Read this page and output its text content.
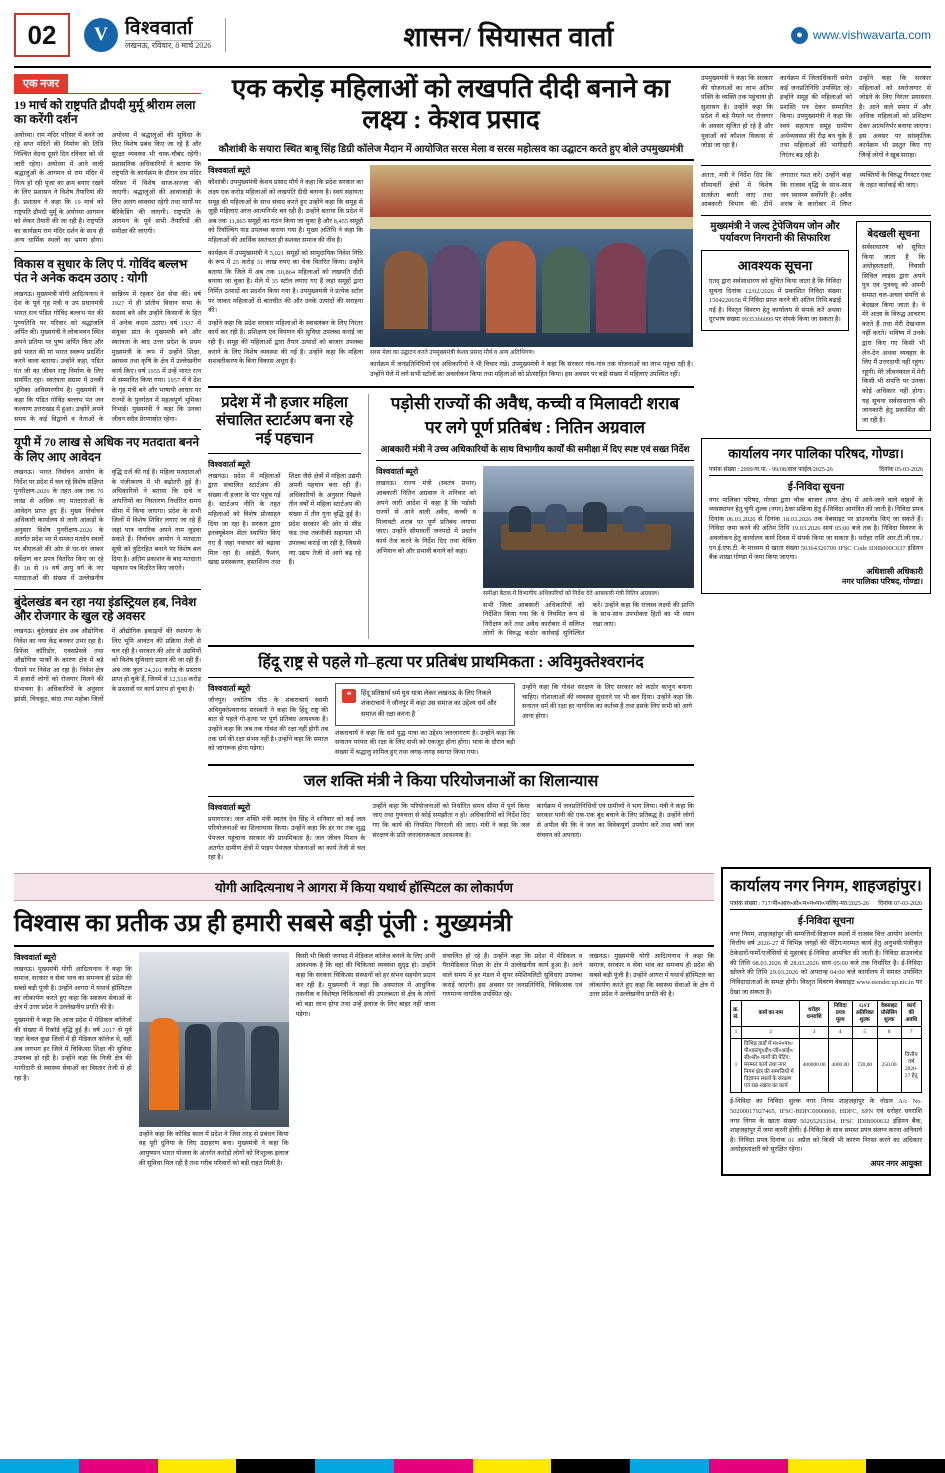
02	V विश्ववार्ता
लखनऊ, रविवार, 8 मार्च 2026	शासन/ सियासत वार्ता	● www.vishwavarta.com
एक नजर
19 मार्च को राष्ट्रपति द्रौपदी मुर्मू श्रीराम लला का करेंगी दर्शन
अयोध्या। राम मंदिर परिसर में बनने जा रहे सप्त मंदिरों की निर्माण की तिथि निश्चित वेदना दूसरे दिन रविवार को भी जारी रहेगा। अयोध्या में आने वाली श्रद्धालुओं के आगमन से राम मंदिर में नित्य हो रही पूजा का क्रम बनाए रखने के लिए प्रशासन ने विशेष तैयारियां की हैं। प्रशासन ने कहा कि 19 मार्च को राष्ट्रपति द्रौपदी मुर्मू के अयोध्या आगमन को लेकर तैयारी की जा रही है। राष्ट्रपति का कार्यक्रम राम मंदिर दर्शन के साथ ही अन्य धार्मिक स्थलों का भ्रमण होगा। अयोध्या में श्रद्धालुओं की सुविधा के लिए विशेष प्रबंध किए जा रहे हैं और सुरक्षा व्यवस्था भी चाक-चौबंद रहेगी। प्रशासनिक अधिकारियों ने बताया कि राष्ट्रपति के कार्यक्रम के दौरान राम मंदिर परिसर में विशेष साज-सज्जा की जाएगी। श्रद्धालुओं की आवाजाही के लिए अलग व्यवस्था रहेगी तथा मार्गों पर बैरिकेडिंग की जाएगी। राष्ट्रपति के आगमन के पूर्व सभी तैयारियों की समीक्षा की जाएगी।
विकास व सुधार के लिए पं. गोविंद बल्लभ पंत ने अनेक कदम उठाए : योगी
लखनऊ। मुख्यमंत्री योगी आदित्यनाथ ने देश के पूर्व गृह मंत्री व उप प्रधानमंत्री भारत रत्न पंडित गोविंद बल्लभ पंत की पुण्यतिथि पर परिवार को श्रद्धांजलि अर्पित की। मुख्यमंत्री ने लोकभवन स्थित अपने प्रतिमा पर पुष्प अर्पित किए और इसे भारत की मां भारत स्वरूप प्रदर्शित करने वाला बताया। उन्होंने कहा, पंडित पंत जी का जीवन राष्ट्र निर्माण के लिए समर्पित रहा। स्वतंत्रता संग्राम में उनकी भूमिका अविस्मरणीय है। मुख्यमंत्री ने कहा कि पंडित गोविंद बल्लभ पंत जन कल्याण उत्तराखंड में हुआ। उन्होंने अपने समय के कई विद्वानों व नेताओं के सान्निध्य में रहकर देश सेवा की। वर्ष 1927 में ही प्रांतीय विधान सभा के सदस्य बने और उन्होंने किसानों के हित में अनेक कदम उठाए। वर्ष 1937 में संयुक्त प्रांत के मुख्यमंत्री बने और स्वतंत्रता के बाद उत्तर प्रदेश के प्रथम मुख्यमंत्री के रूप में उन्होंने शिक्षा, स्वास्थ्य तथा कृषि के क्षेत्र में उल्लेखनीय कार्य किए। वर्ष 1955 में उन्हें भारत रत्न से सम्मानित किया गया। 1957 में वे देश के गृह मंत्री बने और भाषायी आधार पर राज्यों के पुनर्गठन में महत्वपूर्ण भूमिका निभाई। मुख्यमंत्री ने कहा कि उनका जीवन सदैव प्रेरणास्रोत रहेगा।
यूपी में 70 लाख से अधिक नए मतदाता बनने के लिए आए आवेदन
लखनऊ। भारत निर्वाचन आयोग के निर्देश पर प्रदेश में चल रहे विशेष संक्षिप्त पुनरीक्षण-2026 के तहत अब तक 70 लाख से अधिक नए मतदाताओं के आवेदन प्राप्त हुए हैं। मुख्य निर्वाचन अधिकारी कार्यालय से जारी आंकड़ों के अनुसार विशेष पुनरीक्षण-2026 के अंतर्गत प्रदेश भर में समस्त मतदेय स्थलों पर बीएलओ की ओर से घर-घर जाकर सर्वेक्षण कर प्रपत्र वितरित किए जा रहे हैं। 18 से 19 वर्ष आयु वर्ग के नए मतदाताओं की संख्या में उल्लेखनीय वृद्धि दर्ज की गई है। महिला मतदाताओं के पंजीकरण में भी बढ़ोतरी हुई है। अधिकारियों ने बताया कि दावे व आपत्तियों का निस्तारण निर्धारित समय सीमा में किया जाएगा। प्रदेश के सभी जिलों में विशेष शिविर लगाए जा रहे हैं जहां पात्र नागरिक अपने नाम जुड़वा सकते हैं। निर्वाचन आयोग ने मतदाता सूची को त्रुटिरहित बनाने पर विशेष बल दिया है। अंतिम प्रकाशन के बाद मतदाता पहचान पत्र वितरित किए जाएंगे।
बुंदेलखंड बन रहा नया इंडस्ट्रियल हब, निवेश और रोजगार के खुल रहे अवसर
लखनऊ। बुंदेलखंड क्षेत्र अब औद्योगिक निवेश का नया केंद्र बनकर उभर रहा है। डिफेंस कॉरिडोर, एक्सप्रेसवे तथा औद्योगिक पार्कों के कारण क्षेत्र में बड़े पैमाने पर निवेश आ रहा है। निवेश क्षेत्र में हजारों लोगों को रोजगार मिलने की संभावना है। अधिकारियों के अनुसार झांसी, चित्रकूट, बांदा तथा महोबा जिलों में औद्योगिक इकाइयों की स्थापना के लिए भूमि आवंटन की प्रक्रिया तेजी से चल रही है। सरकार की ओर से उद्यमियों को विशेष सुविधाएं प्रदान की जा रही हैं। अब तक कुल 24,201 करोड़ के प्रस्ताव प्राप्त हो चुके हैं, जिनमें से 12,518 करोड़ के प्रस्तावों पर कार्य प्रारंभ हो चुका है।
एक करोड़ महिलाओं को लखपति दीदी बनाने का लक्ष्य : केशव प्रसाद
कौशांबी के सयारा स्थित बाबू सिंह डिग्री कॉलेज मैदान में आयोजित सरस मेला व सरस महोत्सव का उद्घाटन करते हुए बोले उपमुख्यमंत्री
विश्ववार्ता ब्यूरो
कौशांबी। उपमुख्यमंत्री केशव प्रसाद मौर्य ने कहा कि प्रदेश सरकार का लक्ष्य एक करोड़ महिलाओं को लखपति दीदी बनाना है। स्वयं सहायता समूह की महिलाओं के साथ संवाद करते हुए उन्होंने कहा कि समूह से जुड़ी महिलाएं आज आत्मनिर्भर बन रही हैं। उन्होंने बताया कि प्रदेश में अब तक 11,865 समूहों का गठन किया जा चुका है और 8,455 समूहों को रिवॉल्विंग फंड उपलब्ध कराया गया है। मुख्य अतिथि ने कहा कि महिलाओं की आर्थिक स्वतंत्रता ही सशक्त समाज की नींव है।
कार्यक्रम में उपमुख्यमंत्री ने 5,021 समूहों को सामुदायिक निवेश निधि के रूप में 25 करोड़ 31 लाख रुपए का चेक वितरित किया। उन्होंने बताया कि जिले में अब तक 10,864 महिलाओं को लखपति दीदी बनाया जा चुका है। मेले में 35 स्टॉल लगाए गए हैं जहां समूहों द्वारा निर्मित उत्पादों का प्रदर्शन किया गया है। उपमुख्यमंत्री ने प्रत्येक स्टॉल पर जाकर महिलाओं से बातचीत की और उनके उत्पादों की सराहना की।
उन्होंने कहा कि प्रदेश सरकार महिलाओं के स्वावलंबन के लिए निरंतर कार्य कर रही है। प्रशिक्षण एवं विपणन की सुविधा उपलब्ध कराई जा रही है। समूह की महिलाओं द्वारा तैयार उत्पादों को बाजार उपलब्ध कराने के लिए विशेष व्यवस्था की गई है। उन्होंने कहा कि महिला सशक्तीकरण के बिना विकास अधूरा है।
सरस मेला का उद्घाटन करते उपमुख्यमंत्री केशव प्रसाद मौर्य व अन्य अतिथिगण।
कार्यक्रम में जनप्रतिनिधियों एवं अधिकारियों ने भी विचार रखे। उपमुख्यमंत्री ने कहा कि सरकार गांव-गांव तक योजनाओं का लाभ पहुंचा रही है। उन्होंने मेले में लगे सभी स्टॉलों का अवलोकन किया तथा महिलाओं को प्रोत्साहित किया। इस अवसर पर बड़ी संख्या में महिलाएं उपस्थित रहीं।
प्रदेश में नौ हजार महिला संचालित स्टार्टअप बना रहे नई पहचान
विश्ववार्ता ब्यूरो
लखनऊ। प्रदेश में महिलाओं द्वारा संचालित स्टार्टअप की संख्या नौ हजार के पार पहुंच गई है। स्टार्टअप नीति के तहत महिलाओं को विशेष प्रोत्साहन दिया जा रहा है। सरकार द्वारा इनक्यूबेशन सेंटर स्थापित किए गए हैं जहां नवाचार को बढ़ावा मिल रहा है। आईटी, फैशन, खाद्य प्रसंस्करण, हस्तशिल्प तथा शिक्षा जैसे क्षेत्रों में महिला उद्यमी अपनी पहचान बना रही हैं। अधिकारियों के अनुसार पिछले तीन वर्षों में महिला स्टार्टअप की संख्या में तीन गुना वृद्धि हुई है। प्रदेश सरकार की ओर से सीड फंड तथा तकनीकी सहायता भी उपलब्ध कराई जा रही है, जिससे नए उद्यम तेजी से आगे बढ़ रहे हैं।
पड़ोसी राज्यों की अवैध, कच्ची व मिलावटी शराब
पर लगे पूर्ण प्रतिबंध : नितिन अग्रवाल
आबकारी मंत्री ने उच्च अधिकारियों के साथ विभागीय कार्यों की समीक्षा में दिए स्पष्ट एवं सख्त निर्देश
विश्ववार्ता ब्यूरो
लखनऊ। राज्य मंत्री (स्वतंत्र प्रभार) आबकारी नितिन अग्रवाल ने शनिवार को अपने जारी आदेश में कहा है कि पड़ोसी राज्यों से आने वाली अवैध, कच्ची व मिलावटी शराब पर पूर्ण प्रतिबंध लगाया जाए। उन्होंने सीमावर्ती जनपदों में प्रवर्तन कार्य तेज करने के निर्देश दिए तथा चेकिंग अभियान को और प्रभावी बनाने को कहा।
समीक्षा बैठक में विभागीय अधिकारियों को निर्देश देते आबकारी मंत्री नितिन अग्रवाल।
सभी जिला आबकारी अधिकारियों को निर्देशित किया गया कि वे नियमित रूप से निरीक्षण करें तथा अवैध कारोबार में संलिप्त लोगों के विरुद्ध कठोर कार्रवाई सुनिश्चित करें। उन्होंने कहा कि राजस्व लक्ष्यों की प्राप्ति के साथ-साथ उपभोक्ता हितों का भी ध्यान रखा जाए।
हिंदू राष्ट्र से पहले गो–हत्या पर प्रतिबंध प्राथमिकता : अविमुक्तेश्वरानंद
विश्ववार्ता ब्यूरो
जौनपुर। ज्योतिष पीठ के शंकराचार्य स्वामी अविमुक्तेश्वरानंद सरस्वती ने कहा कि हिंदू राष्ट्र की बात से पहले गो-हत्या पर पूर्ण प्रतिबंध आवश्यक है। उन्होंने कहा कि जब तक गोवंश की रक्षा नहीं होगी तब तक धर्म की रक्षा संभव नहीं है। उन्होंने कहा कि समाज को जागरूक होना पड़ेगा।
❝	हिंदू प्रतिष्ठार्थ धर्म युध यात्रा लेकर लखनऊ के लिए निकले शंकराचार्य ने जौनपुर में कहा उस समाज का उद्देश्य धर्म और समाज की रक्षा करना है
शंकराचार्य ने कहा कि धर्म युद्ध यात्रा का उद्देश्य जनजागरण है। उन्होंने कहा कि सनातन परंपरा की रक्षा के लिए सभी को एकजुट होना होगा। यात्रा के दौरान बड़ी संख्या में श्रद्धालु शामिल हुए तथा जगह-जगह स्वागत किया गया।
उन्होंने कहा कि गोवंश संरक्षण के लिए सरकार को कठोर कानून बनाना चाहिए। गोशालाओं की व्यवस्था सुधारने पर भी बल दिया। उन्होंने कहा कि सनातन धर्म की रक्षा हर नागरिक का कर्तव्य है तथा इसके लिए सभी को आगे आना होगा।
जल शक्ति मंत्री ने किया परियोजनाओं का शिलान्यास
विश्ववार्ता ब्यूरो
प्रयागराज। जल शक्ति मंत्री स्वतंत्र देव सिंह ने शनिवार को कई जल परियोजनाओं का शिलान्यास किया। उन्होंने कहा कि हर घर तक शुद्ध पेयजल पहुंचाना सरकार की प्राथमिकता है। जल जीवन मिशन के अंतर्गत ग्रामीण क्षेत्रों में पाइप पेयजल योजनाओं का कार्य तेजी से चल रहा है।
उन्होंने कहा कि परियोजनाओं को निर्धारित समय सीमा में पूर्ण किया जाए तथा गुणवत्ता से कोई समझौता न हो। अधिकारियों को निर्देश दिए गए कि कार्य की नियमित निगरानी की जाए। मंत्री ने कहा कि जल संरक्षण के प्रति जनजागरूकता आवश्यक है।
कार्यक्रम में जनप्रतिनिधियों एवं ग्रामीणों ने भाग लिया। मंत्री ने कहा कि सरकार पानी की एक-एक बूंद बचाने के लिए प्रतिबद्ध है। उन्होंने लोगों से अपील की कि वे जल का विवेकपूर्ण उपयोग करें तथा वर्षा जल संचयन को अपनाएं।
उपमुख्यमंत्री ने कहा कि सरकार की योजनाओं का लाभ अंतिम पंक्ति के व्यक्ति तक पहुंचाना ही सुशासन है। उन्होंने कहा कि प्रदेश में बड़े पैमाने पर रोजगार के अवसर सृजित हो रहे हैं और युवाओं को कौशल विकास से जोड़ा जा रहा है।
कार्यक्रम में जिलाधिकारी समेत कई जनप्रतिनिधि उपस्थित रहे। इन्होंने समूह की महिलाओं को प्रशस्ति पत्र देकर सम्मानित किया। उपमुख्यमंत्री ने कहा कि स्वयं सहायता समूह ग्रामीण अर्थव्यवस्था की रीढ़ बन चुके हैं तथा महिलाओं की भागीदारी निरंतर बढ़ रही है।
उन्होंने कहा कि सरकार महिलाओं को स्वरोजगार से जोड़ने के लिए निरंतर प्रयासरत है। आने वाले समय में और अधिक महिलाओं को प्रशिक्षण देकर आत्मनिर्भर बनाया जाएगा। इस अवसर पर सांस्कृतिक कार्यक्रम भी प्रस्तुत किए गए जिन्हें लोगों ने खूब सराहा।
अंततः, मंत्री ने निर्देश दिए कि सीमावर्ती क्षेत्रों में विशेष सतर्कता बरती जाए तथा आबकारी विभाग की टीमें लगातार गश्त करें। उन्होंने कहा कि राजस्व वृद्धि के साथ-साथ जन स्वास्थ्य सर्वोपरि है। अवैध शराब के कारोबार में लिप्त व्यक्तियों के विरुद्ध गैंगस्टर एक्ट के तहत कार्रवाई की जाए।
मुख्यमंत्री ने जल्द ट्रेपेजियम जोन और पर्यावरण निगरानी की सिफारिश
आवश्यक सूचना
एतद् द्वारा सर्वसाधारण को सूचित किया जाता है कि निविदा सूचना दिनांक 12/02/2026 में प्रकाशित निविदा संख्या 1504220658 में निविदा प्राप्त करने की अंतिम तिथि बढ़ाई गई है। विस्तृत विवरण हेतु कार्यालय से संपर्क करें अथवा दूरभाष संख्या 9935366099 पर संपर्क किया जा सकता है।
बेदखली सूचना
सर्वसाधारण को सूचित किया जाता है कि अधोहस्ताक्षरी, निवासी सिविल लाइंस द्वारा अपने पुत्र एवं पुत्रवधू को अपनी समस्त चल-अचल संपत्ति से बेदखल किया जाता है। वे मेरे आज्ञा के विरुद्ध आचरण करते हैं तथा मेरी देखभाल नहीं करते। भविष्य में उनके द्वारा किए गए किसी भी लेन-देन अथवा व्यवहार के लिए मैं उत्तरदायी नहीं रहूंगा/रहूंगी। मेरे जीवनकाल में मेरी किसी भी संपत्ति पर उनका कोई अधिकार नहीं होगा। यह सूचना सर्वसाधारण की जानकारी हेतु प्रकाशित की जा रही है।
कार्यालय नगर पालिका परिषद, गोण्डा।
पत्रांक संख्या : 2099/ना.पा. - 99/08/वाल फाईल/2025-26	दिनांक 05-03-2026
ई-निविदा सूचना
नगर पालिका परिषद, गोण्डा द्वारा चौक बाजार (नगर क्षेत्र) में आने-जाने वाले वाहनों के व्यवस्थापन हेतु चुंगी शुल्क (नगर) ठेका प्रक्रिया हेतु ई-निविदा आमंत्रित की जाती है। निविदा प्रपत्र दिनांक 06.03.2026 से दिनांक 18.03.2026 तक वेबसाइट पर डाउनलोड किए जा सकते हैं। निविदा जमा करने की अंतिम तिथि 19.03.2026 सायं 05:00 बजे तक है। निविदा विवरण के अवलोकन हेतु कार्यालय कार्य दिवस में संपर्क किया जा सकता है। धरोहर राशि आर.टी.जी.एस./एन.ई.एफ.टी. के माध्यम से खाता संख्या 50364326709 IFSC Code IDIB000C637 इंडियन बैंक शाखा गोण्डा में जमा किया जाएगा।
अधिशासी अधिकारी
नगर पालिका परिषद, गोण्डा।
योगी आदित्यनाथ ने आगरा में किया यथार्थ हॉस्पिटल का लोकार्पण
विश्वास का प्रतीक उप्र ही हमारी सबसे बड़ी पूंजी : मुख्यमंत्री
विश्ववार्ता ब्यूरो
लखनऊ। मुख्यमंत्री योगी आदित्यनाथ ने कहा कि समाज, सरकार व सेवा भाव का समन्वय ही प्रदेश की सबसे बड़ी पूंजी है। उन्होंने आगरा में यथार्थ हॉस्पिटल का लोकार्पण करते हुए कहा कि स्वास्थ्य सेवाओं के क्षेत्र में उत्तर प्रदेश ने उल्लेखनीय प्रगति की है।
मुख्यमंत्री ने कहा कि आज प्रदेश में मेडिकल कॉलेजों की संख्या में रिकॉर्ड वृद्धि हुई है। वर्ष 2017 से पूर्व जहां केवल कुछ जिलों में ही मेडिकल कॉलेज थे, वहीं अब लगभग हर जिले में चिकित्सा शिक्षा की सुविधा उपलब्ध हो रही है। उन्होंने कहा कि निजी क्षेत्र की भागीदारी से स्वास्थ्य सेवाओं का विस्तार तेजी से हो रहा है।
उन्होंने कहा कि कोविड काल में प्रदेश ने जिस तरह से प्रबंधन किया वह पूरी दुनिया के लिए उदाहरण बना। मुख्यमंत्री ने कहा कि आयुष्मान भारत योजना के अंतर्गत करोड़ों लोगों को निःशुल्क इलाज की सुविधा मिल रही है तथा गरीब परिवारों को बड़ी राहत मिली है।
किसी भी किसी जनपद में मेडिकल कॉलेज बनाने के लिए अभी आवश्यक है कि वहां की चिकित्सा व्यवस्था सुदृढ़ हो। उन्होंने कहा कि सरकार चिकित्सा संस्थानों को हर संभव सहयोग प्रदान कर रही है। मुख्यमंत्री ने कहा कि अस्पताल में आधुनिक तकनीक व विशेषज्ञ चिकित्सकों की उपलब्धता से क्षेत्र के लोगों को बड़ा लाभ होगा तथा उन्हें इलाज के लिए बाहर नहीं जाना पड़ेगा।
संचालित हो रहे हैं। उन्होंने कहा कि प्रदेश में मेडिकल व पैरामेडिकल शिक्षा के क्षेत्र में उल्लेखनीय कार्य हुआ है। आने वाले समय में हर मंडल में सुपर स्पेशियलिटी सुविधाएं उपलब्ध कराई जाएंगी। इस अवसर पर जनप्रतिनिधि, चिकित्सक एवं गणमान्य नागरिक उपस्थित रहे।
लखनऊ। मुख्यमंत्री योगी आदित्यनाथ ने कहा कि समाज, सरकार व सेवा भाव का समन्वय ही प्रदेश की सबसे बड़ी पूंजी है। उन्होंने आगरा में यथार्थ हॉस्पिटल का लोकार्पण करते हुए कहा कि स्वास्थ्य सेवाओं के क्षेत्र में उत्तर प्रदेश ने उल्लेखनीय प्रगति की है।
कार्यालय नगर निगम, शाहजहांपुर।
पत्रांक संख्या : 717/पी०आर०ओ०/म०न०पा०/नलिए-मत/2025-26 दिनांक 07-03-2026
ई-निविदा सूचना
नगर निगम, शाहजहांपुर की सम्पत्तियों/विज्ञापन स्थलों में राजस्व वित्त आयोग अन्तर्गत वित्तीय वर्ष 2026-27 में विभिन्न जगहों की पेंटिंग/मरम्मत कार्य हेतु अनुभवी/पंजीकृत ठेकेदारों/फर्मों/एजेंसियों से मुहरबंद ई-निविदा आमंत्रित की जाती है। निविदा डाउनलोड की तिथि 08.03.2026 से 28.03.2026 सायं 05:00 बजे तक निर्धारित है। ई-निविदा खोलने की तिथि 29.03.2026 को अपरान्ह 04:00 बजे कार्यालय में समस्त उपस्थित निविदादाताओं के समक्ष होगी। विस्तृत विवरण वेबसाइट www.etender.up.nic.in पर देखा जा सकता है।
क्र. सं.	कार्य का नाम	धरोहर धनराशि	निविदा प्रपत्र मूल्य	GST अतिरिक्त शुल्क	वेबसाइट प्रोसेसिंग शुल्क	कार्य की अवधि
1	2	3	4	5	6	7
1	विभिन्न वार्डों में म०न०पा०/पी०डब्ल्यू०डी०/जी०आई०/सी०सी० मार्गों की पेंटिंग/मरम्मत कार्य तथा नगर निगम क्षेत्र की सम्पत्तियों में विज्ञापन स्थलों के संरक्षण एवं रख-रखाव का कार्य	400000.00	4000.00	720.00	250.00	वित्तीय वर्ष 2026-27 हेतु
ई-निविदा का निविदा शुल्क नगर निगम शाहजहांपुर के नोडल A/c No. 50200017927465, IFSC-HDFC0000869, HDFC, SPN एवं धरोहर धनराशि नगर निगम के खाता संख्या 50265293184, IFSC IDIB000632 इंडियन बैंक, शाहजहांपुर में जमा करनी होगी। ई-निविदा के साथ समस्त प्रपत्र संलग्न करना अनिवार्य है। निविदा प्रपत्र दिनांक 01 अप्रैल को किसी भी कारण निरस्त करने का अधिकार अधोहस्ताक्षरी को सुरक्षित रहेगा।
अपर नगर आयुक्त
